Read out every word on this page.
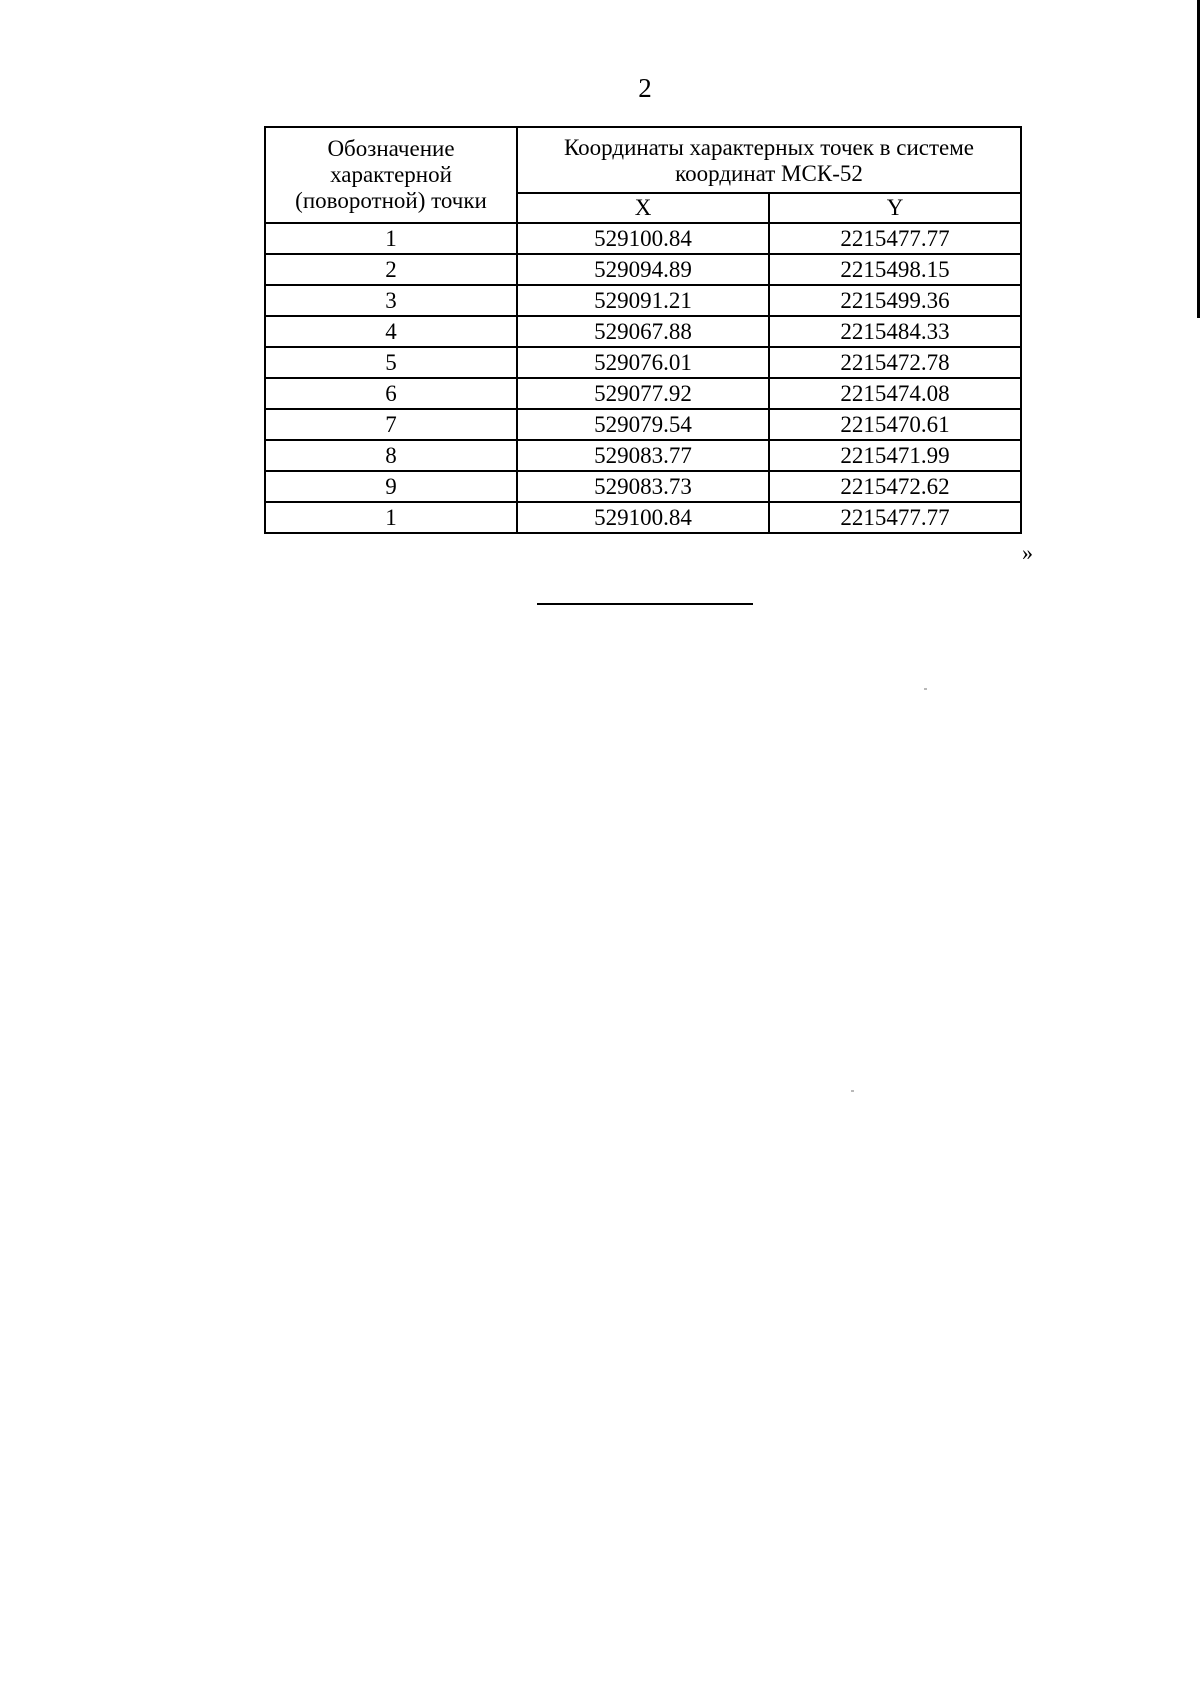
2
Обозначение
характерной
(поворотной) точки	Координаты характерных точек в системе
координат МСК-52	
	X	Y
1	529100.84	2215477.77
2	529094.89	2215498.15
3	529091.21	2215499.36
4	529067.88	2215484.33
5	529076.01	2215472.78
6	529077.92	2215474.08
7	529079.54	2215470.61
8	529083.77	2215471.99
9	529083.73	2215472.62
1	529100.84	2215477.77
»
